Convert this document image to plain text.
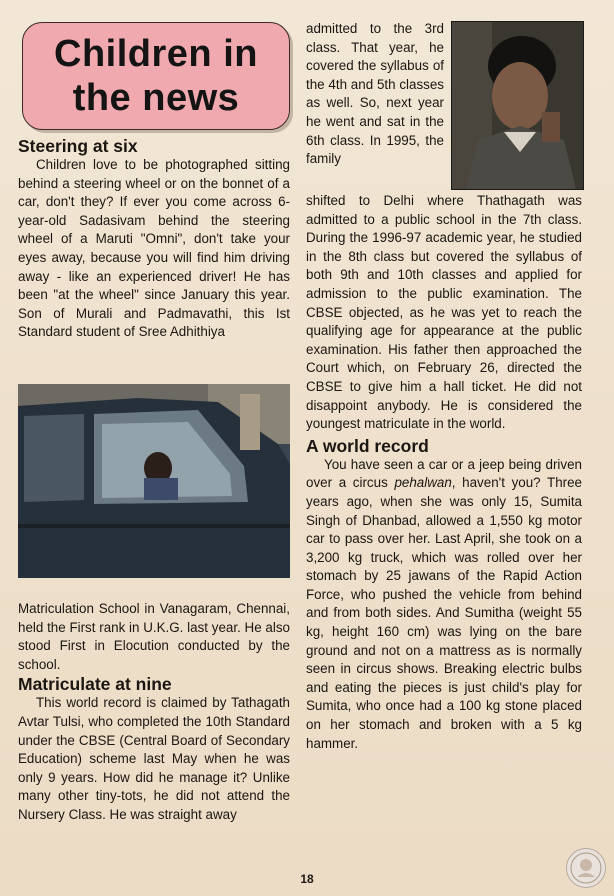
Children in
the news
Steering at six

Children love to be photographed sitting behind a steering wheel or on the bonnet of a car, don't they? If ever you come across 6-year-old Sadasivam behind the steering wheel of a Maruti "Omni", don't take your eyes away, because you will find him driving away - like an experienced driver! He has been "at the wheel" since January this year. Son of Murali and Padmavathi, this Ist Standard student of Sree Adhithiya

Matriculation School in Vanagaram, Chennai, held the First rank in U.K.G. last year. He also stood First in Elocution conducted by the school.

Matriculate at nine

This world record is claimed by Tathagath Avtar Tulsi, who completed the 10th Standard under the CBSE (Central Board of Secondary Education) scheme last May when he was only 9 years. How did he manage it? Unlike many other tiny-tots, he did not attend the Nursery Class. He was straight away

admitted to the 3rd class. That year, he covered the syllabus of the 4th and 5th classes as well. So, next year he went and sat in the 6th class. In 1995, the family

shifted to Delhi where Thathagath was admitted to a public school in the 7th class. During the 1996-97 academic year, he studied in the 8th class but covered the syllabus of both 9th and 10th classes and applied for admission to the public examination. The CBSE objected, as he was yet to reach the qualifying age for appearance at the public examination. His father then approached the Court which, on February 26, directed the CBSE to give him a hall ticket. He did not disappoint anybody. He is considered the youngest matriculate in the world.

A world record

You have seen a car or a jeep being driven over a circus pehalwan, haven't you? Three years ago, when she was only 15, Sumita Singh of Dhanbad, allowed a 1,550 kg motor car to pass over her. Last April, she took on a 3,200 kg truck, which was rolled over her stomach by 25 jawans of the Rapid Action Force, who pushed the vehicle from behind and from both sides. And Sumitha (weight 55 kg, height 160 cm) was lying on the bare ground and not on a mattress as is normally seen in circus shows. Breaking electric bulbs and eating the pieces is just child's play for Sumita, who once had a 100 kg stone placed on her stomach and broken with a 5 kg hammer.

18
